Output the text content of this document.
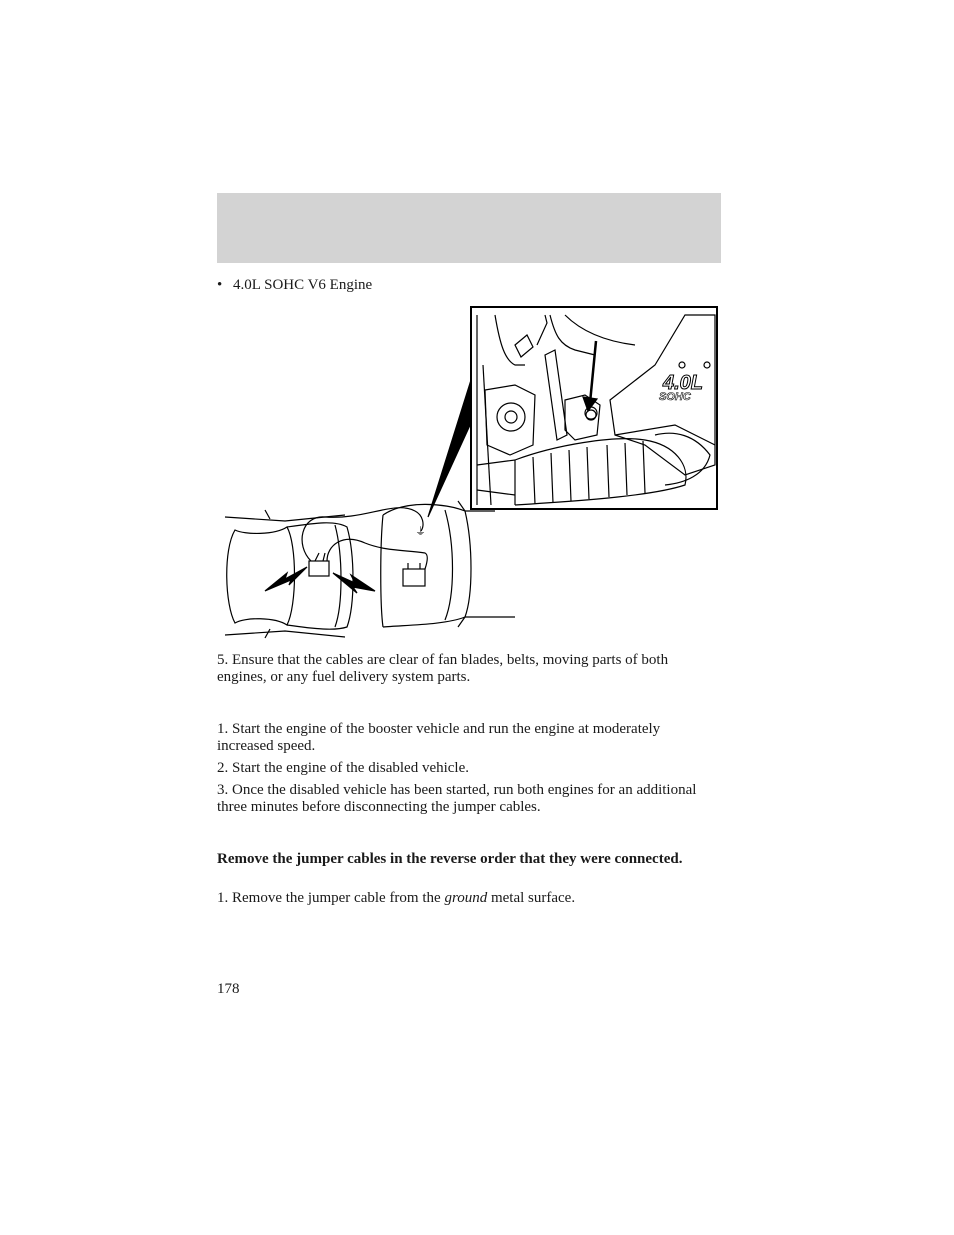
• 4.0L SOHC V6 Engine
4.0L
SOHC
⏚
5. Ensure that the cables are clear of fan blades, belts, moving parts of both engines, or any fuel delivery system parts.
1. Start the engine of the booster vehicle and run the engine at moderately increased speed.
2. Start the engine of the disabled vehicle.
3. Once the disabled vehicle has been started, run both engines for an additional three minutes before disconnecting the jumper cables.
Remove the jumper cables in the reverse order that they were connected.
1. Remove the jumper cable from the ground metal surface.
178
